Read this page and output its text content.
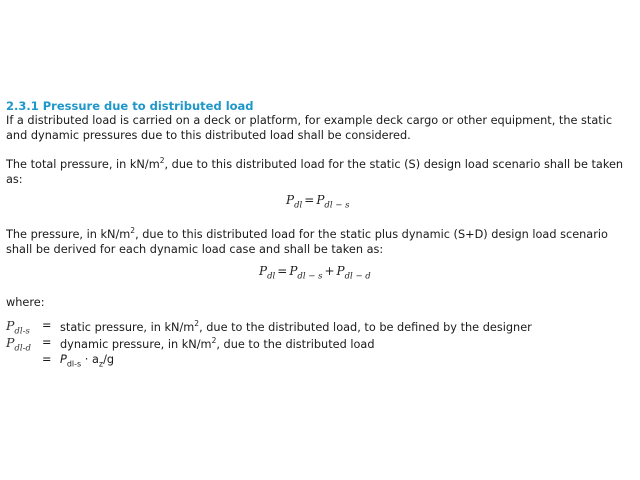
2.3.1 Pressure due to distributed load

If a distributed load is carried on a deck or platform, for example deck cargo or other equipment, the static and dynamic pressures due to this distributed load shall be considered.

The total pressure, in $kN/m^2$, due to this distributed load for the static (S) design load scenario shall be taken as:

$P_{dl} = P_{dl - s}$

The pressure, in $kN/m^2$, due to this distributed load for the static plus dynamic (S+D) design load scenario shall be derived for each dynamic load case and shall be taken as:

$P_{dl} = P_{dl - s} + P_{dl - d}$
where:
$P_{dl-s}$ = static pressure, in $kN/m^2$, due to the distributed load, to be defined by the designer
$P_{dl-d}$ = dynamic pressure, in $kN/m^2$, due to the distributed load
= $P_{dl-s} \cdot a_z/g$
